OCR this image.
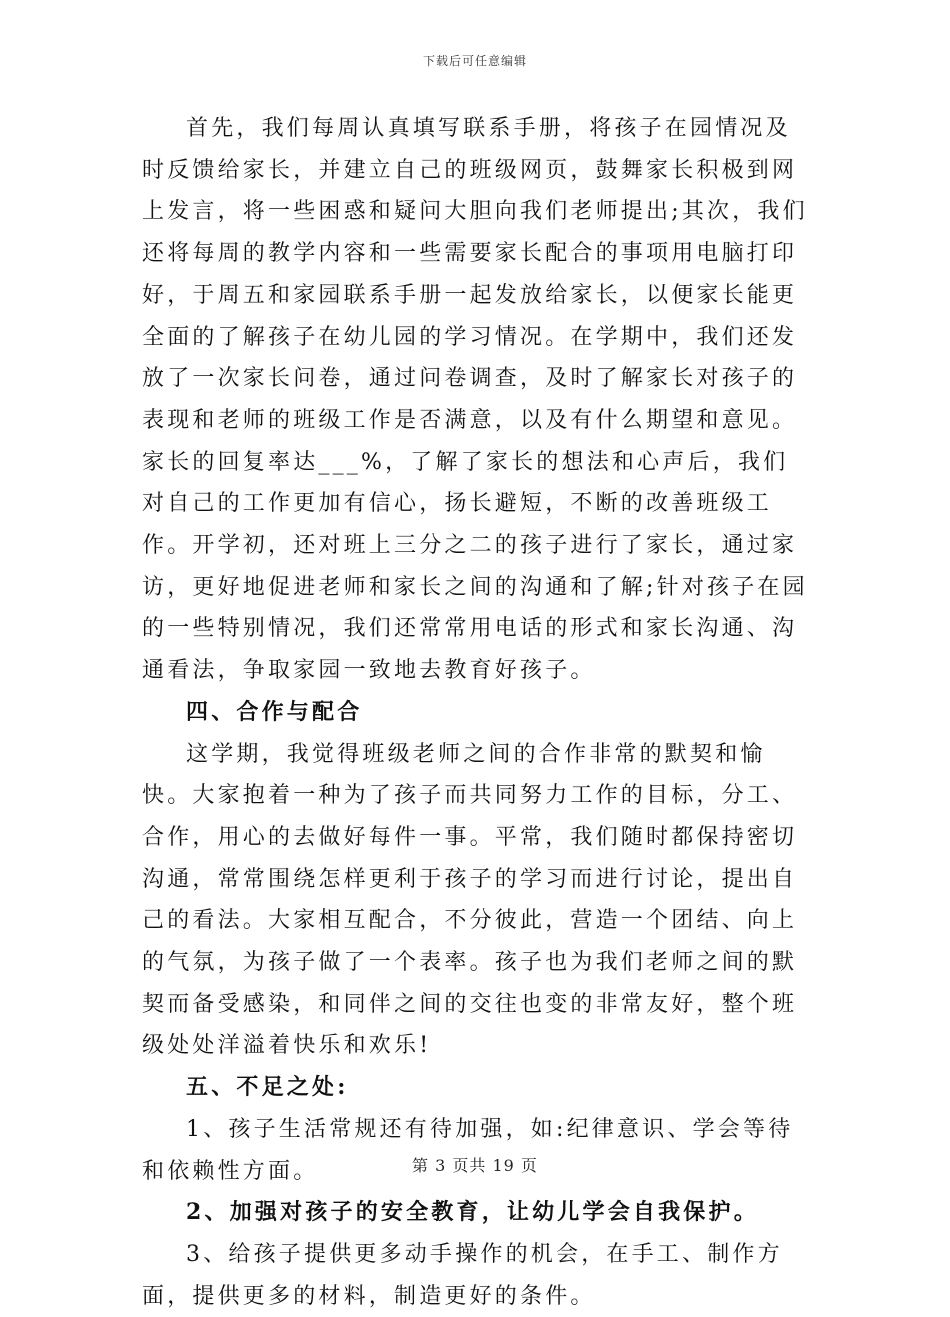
下载后可任意编辑

首先，我们每周认真填写联系手册，将孩子在园情况及时反馈给家长，并建立自己的班级网页，鼓舞家长积极到网上发言，将一些困惑和疑问大胆向我们老师提出;其次，我们还将每周的教学内容和一些需要家长配合的事项用电脑打印好，于周五和家园联系手册一起发放给家长，以便家长能更全面的了解孩子在幼儿园的学习情况。在学期中，我们还发放了一次家长问卷，通过问卷调查，及时了解家长对孩子的表现和老师的班级工作是否满意，以及有什么期望和意见。家长的回复率达___%，了解了家长的想法和心声后，我们对自己的工作更加有信心，扬长避短，不断的改善班级工作。开学初，还对班上三分之二的孩子进行了家长，通过家访，更好地促进老师和家长之间的沟通和了解;针对孩子在园的一些特别情况，我们还常常用电话的形式和家长沟通、沟通看法，争取家园一致地去教育好孩子。

四、合作与配合

这学期，我觉得班级老师之间的合作非常的默契和愉快。大家抱着一种为了孩子而共同努力工作的目标，分工、合作，用心的去做好每件一事。平常，我们随时都保持密切沟通，常常围绕怎样更利于孩子的学习而进行讨论，提出自己的看法。大家相互配合，不分彼此，营造一个团结、向上的气氛，为孩子做了一个表率。孩子也为我们老师之间的默契而备受感染，和同伴之间的交往也变的非常友好，整个班级处处洋溢着快乐和欢乐!

五、不足之处:

1、孩子生活常规还有待加强，如:纪律意识、学会等待和依赖性方面。

2、加强对孩子的安全教育，让幼儿学会自我保护。

3、给孩子提供更多动手操作的机会，在手工、制作方面，提供更多的材料，制造更好的条件。

第 3 页共 19 页
